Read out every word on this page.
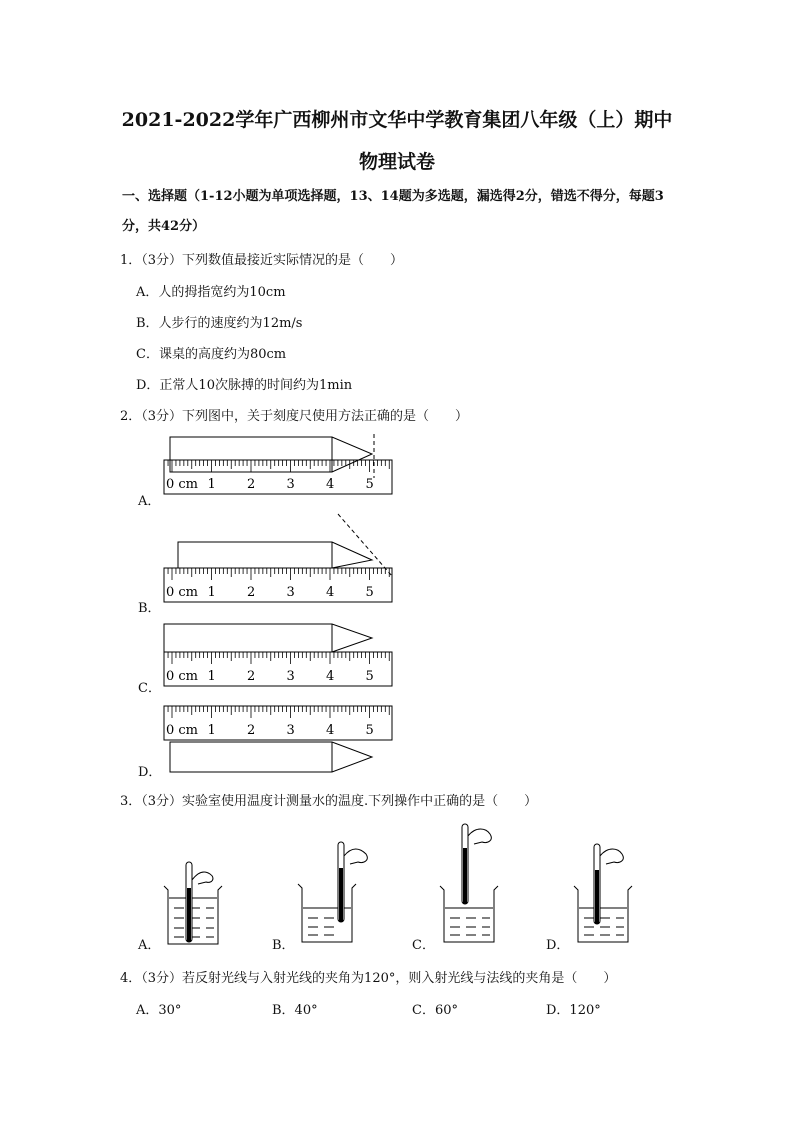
2021-2022学年广西柳州市文华中学教育集团八年级（上）期中
物理试卷
一、选择题（1-12小题为单项选择题，13、14题为多选题，漏选得2分，错选不得分，每题3分，共42分）
1．（3分）下列数值最接近实际情况的是（　　）
A．人的拇指宽约为10cm
B．人步行的速度约为12m/s
C．课桌的高度约为80cm
D．正常人10次脉搏的时间约为1min
2．（3分）下列图中，关于刻度尺使用方法正确的是（　　）
0 cm 1 2 3 4 5
A．
0 cm 1 2 3 4 5
B．
0 cm 1 2 3 4 5
C．
0 cm 1 2 3 4 5
D．
3．（3分）实验室使用温度计测量水的温度.下列操作中正确的是（　　）
A．	B．	C．	D．
4．（3分）若反射光线与入射光线的夹角为120°，则入射光线与法线的夹角是（　　）
A．30°	B．40°	C．60°	D．120°
